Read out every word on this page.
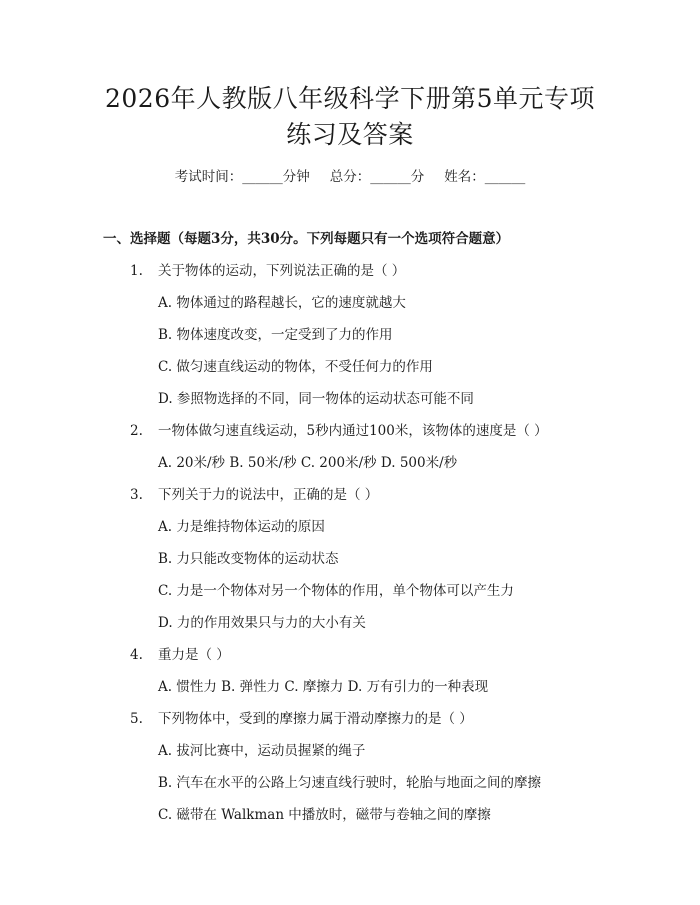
2026年人教版八年级科学下册第5单元专项
练习及答案
考试时间：______分钟 总分：______分 姓名：______
一、选择题（每题3分，共30分。下列每题只有一个选项符合题意）
1. 关于物体的运动，下列说法正确的是（ ）
A. 物体通过的路程越长，它的速度就越大
B. 物体速度改变，一定受到了力的作用
C. 做匀速直线运动的物体，不受任何力的作用
D. 参照物选择的不同，同一物体的运动状态可能不同
2. 一物体做匀速直线运动，5秒内通过100米，该物体的速度是（ ）
A. 20米/秒 B. 50米/秒 C. 200米/秒 D. 500米/秒
3. 下列关于力的说法中，正确的是（ ）
A. 力是维持物体运动的原因
B. 力只能改变物体的运动状态
C. 力是一个物体对另一个物体的作用，单个物体可以产生力
D. 力的作用效果只与力的大小有关
4. 重力是（ ）
A. 惯性力 B. 弹性力 C. 摩擦力 D. 万有引力的一种表现
5. 下列物体中，受到的摩擦力属于滑动摩擦力的是（ ）
A. 拔河比赛中，运动员握紧的绳子
B. 汽车在水平的公路上匀速直线行驶时，轮胎与地面之间的摩擦
C. 磁带在 Walkman 中播放时，磁带与卷轴之间的摩擦
